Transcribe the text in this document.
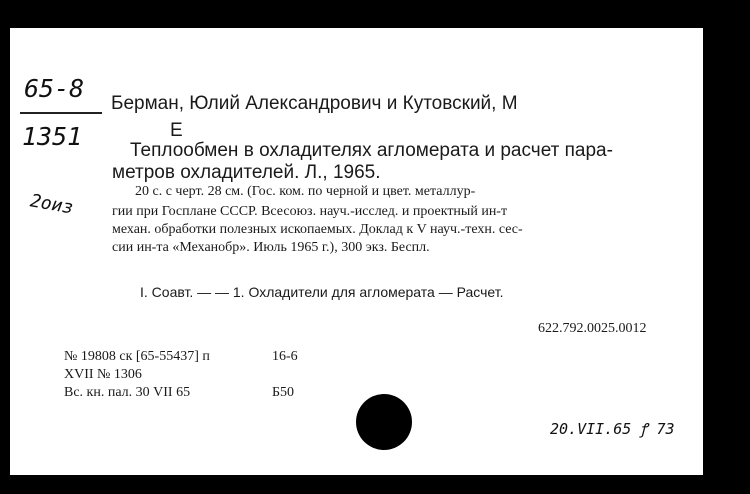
65-8
1351
2оиз
Берман, Юлий Александрович и Кутовский, М
Е
Теплообмен в охладителях агломерата и расчет пара-
метров охладителей. Л., 1965.
20 с. с черт. 28 см. (Гос. ком. по черной и цвет. металлур-
гии при Госплане СССР. Всесоюз. науч.-исслед. и проектный ин-т
механ. обработки полезных ископаемых. Доклад к V науч.-техн. сес-
сии ин-та «Механобр». Июль 1965 г.), 300 экз. Беспл.
I. Соавт. — — 1. Охладители для агломерата — Расчет.
622.792.0025.0012
№ 19808 ск [65-55437] п	16-6
XVII № 1306
Вс. кн. пал. 30 VII 65	Б50
20.VII.65 ꝭ 73
